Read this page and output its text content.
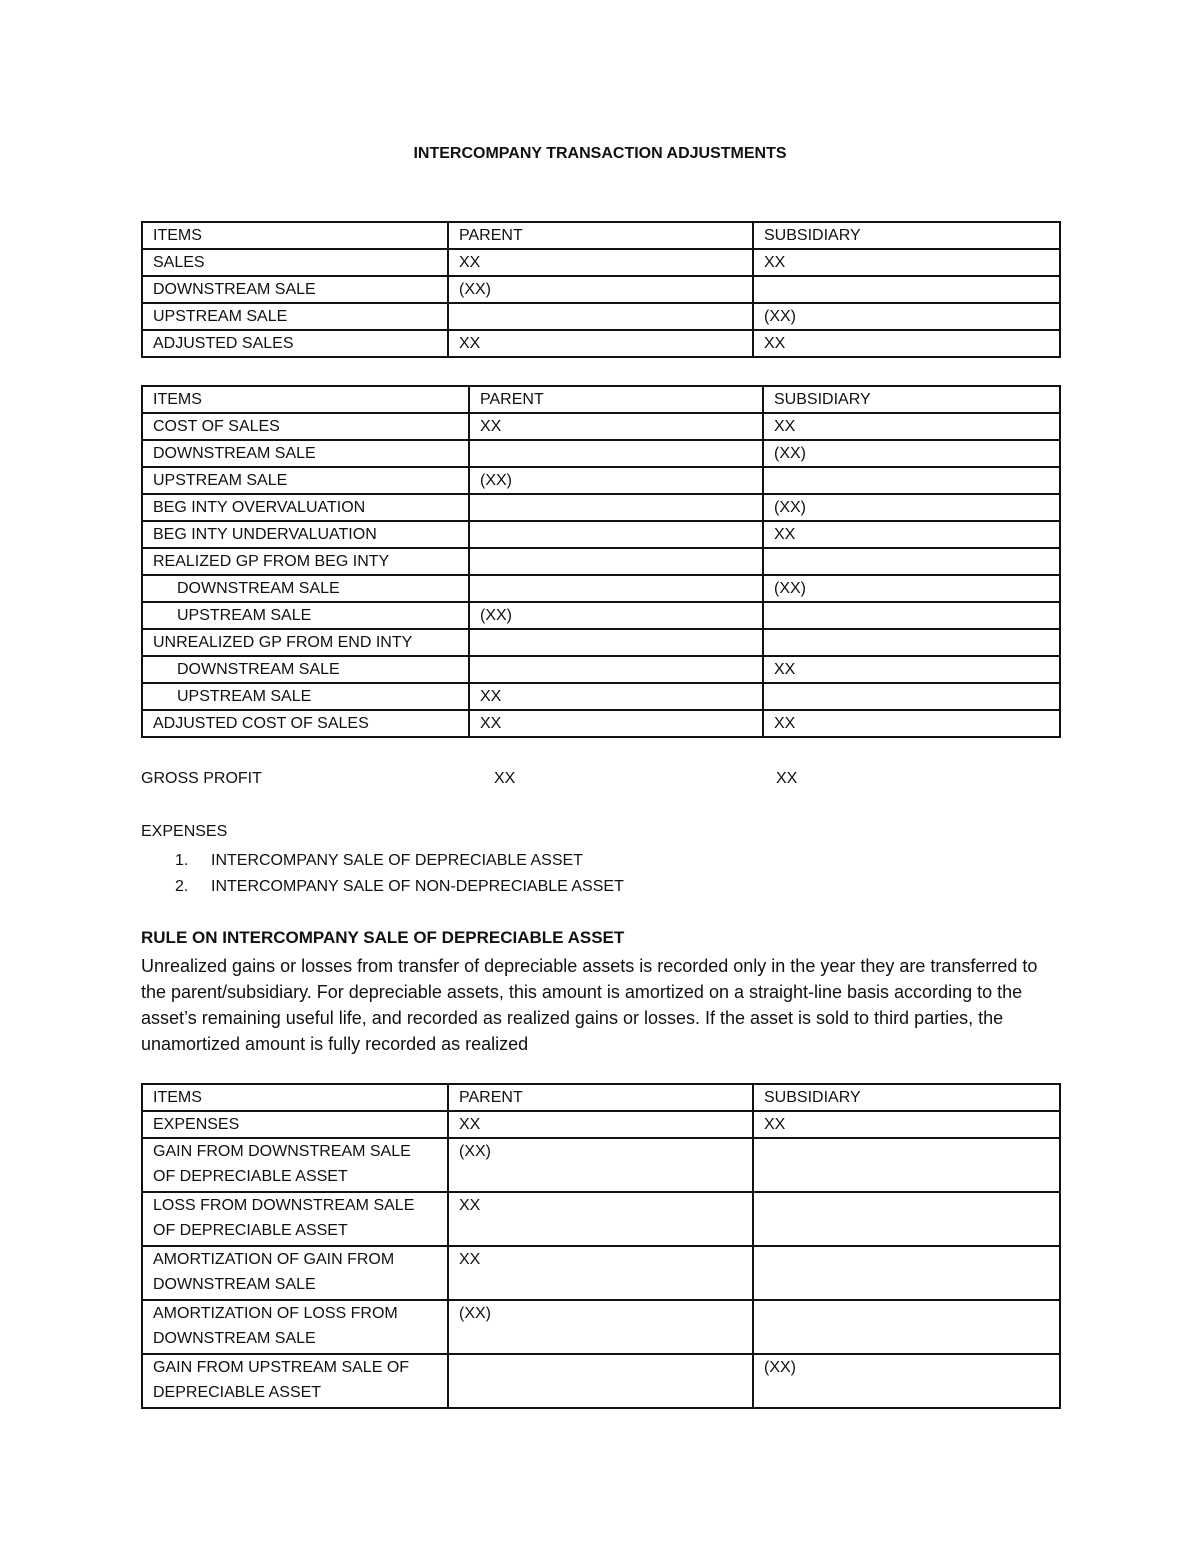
INTERCOMPANY TRANSACTION ADJUSTMENTS
ITEMS	PARENT	SUBSIDIARY
SALES	XX	XX
DOWNSTREAM SALE	(XX)	
UPSTREAM SALE		(XX)
ADJUSTED SALES	XX	XX
ITEMS	PARENT	SUBSIDIARY
COST OF SALES	XX	XX
DOWNSTREAM SALE		(XX)
UPSTREAM SALE	(XX)	
BEG INTY OVERVALUATION		(XX)
BEG INTY UNDERVALUATION		XX
REALIZED GP FROM BEG INTY		
DOWNSTREAM SALE		(XX)
UPSTREAM SALE	(XX)	
UNREALIZED GP FROM END INTY		
DOWNSTREAM SALE		XX
UPSTREAM SALE	XX	
ADJUSTED COST OF SALES	XX	XX
GROSS PROFIT	XX	XX
EXPENSES
1. INTERCOMPANY SALE OF DEPRECIABLE ASSET
2. INTERCOMPANY SALE OF NON-DEPRECIABLE ASSET
RULE ON INTERCOMPANY SALE OF DEPRECIABLE ASSET
Unrealized gains or losses from transfer of depreciable assets is recorded only in the year they are transferred to the parent/subsidiary. For depreciable assets, this amount is amortized on a straight-line basis according to the asset’s remaining useful life, and recorded as realized gains or losses. If the asset is sold to third parties, the unamortized amount is fully recorded as realized
ITEMS	PARENT	SUBSIDIARY
EXPENSES	XX	XX
GAIN FROM DOWNSTREAM SALE OF DEPRECIABLE ASSET	(XX)	
LOSS FROM DOWNSTREAM SALE OF DEPRECIABLE ASSET	XX	
AMORTIZATION OF GAIN FROM DOWNSTREAM SALE	XX	
AMORTIZATION OF LOSS FROM DOWNSTREAM SALE	(XX)	
GAIN FROM UPSTREAM SALE OF DEPRECIABLE ASSET		(XX)
